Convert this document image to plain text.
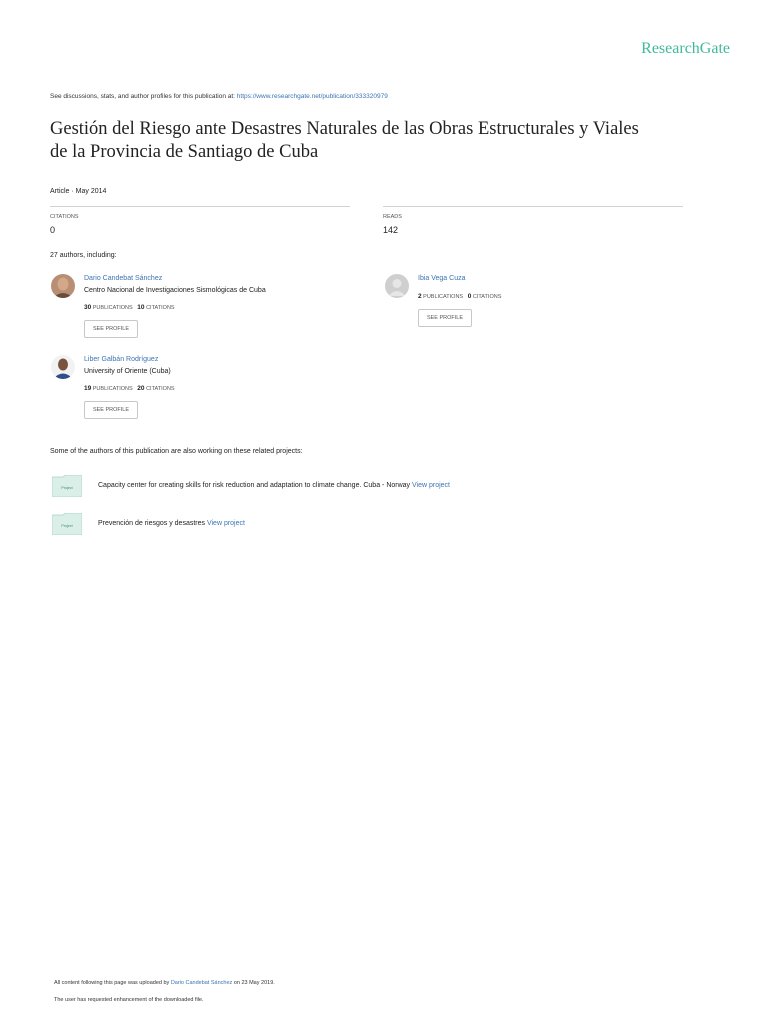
ResearchGate
See discussions, stats, and author profiles for this publication at: https://www.researchgate.net/publication/333320979
Gestión del Riesgo ante Desastres Naturales de las Obras Estructurales y Viales
de la Provincia de Santiago de Cuba
Article · May 2014
CITATIONS
0
READS
142
27 authors, including:
Dario Candebat Sánchez
Centro Nacional de Investigaciones Sismológicas de Cuba
30 PUBLICATIONS 10 CITATIONS
SEE PROFILE
Ibia Vega Cuza
2 PUBLICATIONS 0 CITATIONS
SEE PROFILE
Liber Galbán Rodríguez
University of Oriente (Cuba)
19 PUBLICATIONS 20 CITATIONS
SEE PROFILE
Some of the authors of this publication are also working on these related projects:
Project	Capacity center for creating skills for risk reduction and adaptation to climate change. Cuba - Norway View project
Project	Prevención de riesgos y desastres View project
All content following this page was uploaded by Dario Candebat Sánchez on 23 May 2019.
The user has requested enhancement of the downloaded file.
